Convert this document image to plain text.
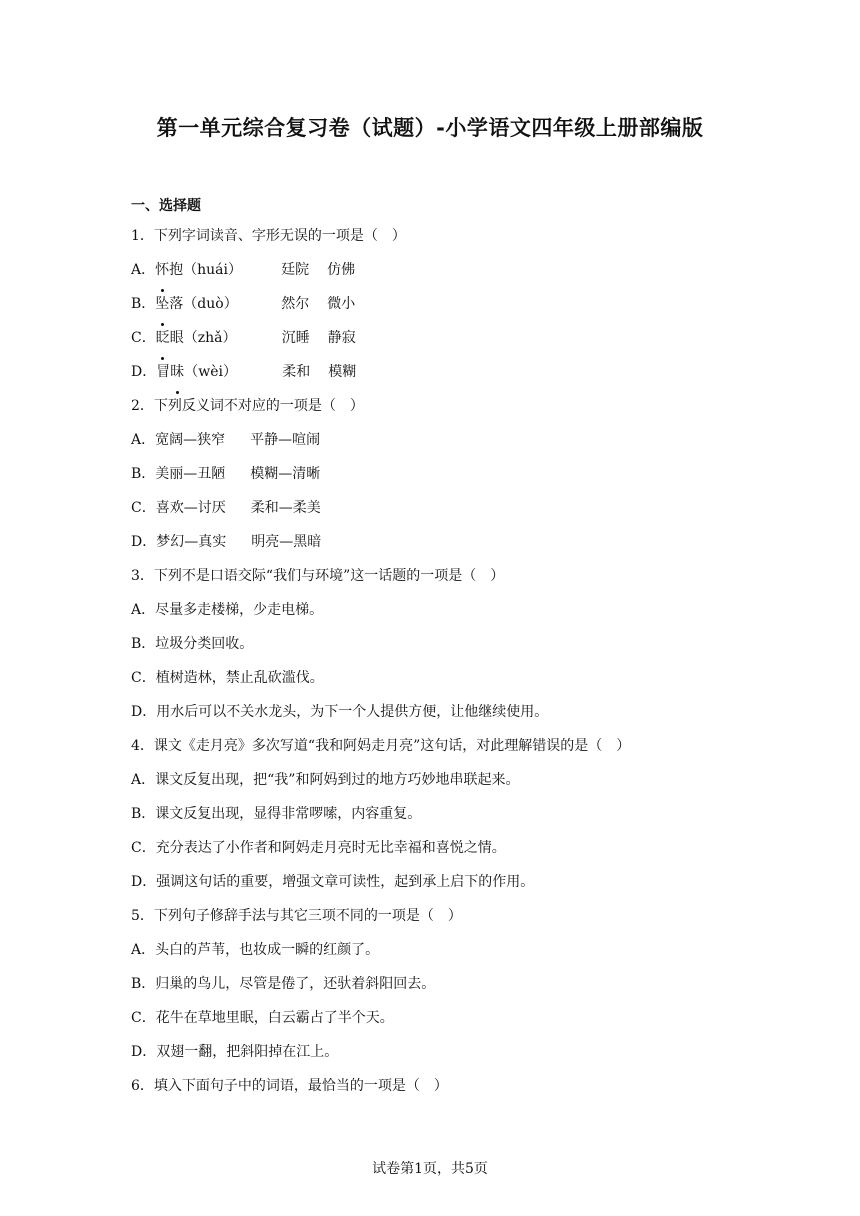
第一单元综合复习卷（试题）-小学语文四年级上册部编版
一、选择题
1．下列字词读音、字形无误的一项是（　）
A．怀抱（huái）	廷院 仿佛
B．坠落（duò）	然尔 微小
C．眨眼（zhǎ）	沉睡 静寂
D．冒昧（wèi）	柔和 模糊
2．下列反义词不对应的一项是（　）
A．宽阔—狭窄 平静—喧闹
B．美丽—丑陋 模糊—清晰
C．喜欢—讨厌 柔和—柔美
D．梦幻—真实 明亮—黑暗
3．下列不是口语交际“我们与环境”这一话题的一项是（　）
A．尽量多走楼梯，少走电梯。
B．垃圾分类回收。
C．植树造林，禁止乱砍滥伐。
D．用水后可以不关水龙头，为下一个人提供方便，让他继续使用。
4．课文《走月亮》多次写道“我和阿妈走月亮”这句话，对此理解错误的是（　）
A．课文反复出现，把“我”和阿妈到过的地方巧妙地串联起来。
B．课文反复出现，显得非常啰嗦，内容重复。
C．充分表达了小作者和阿妈走月亮时无比幸福和喜悦之情。
D．强调这句话的重要，增强文章可读性，起到承上启下的作用。
5．下列句子修辞手法与其它三项不同的一项是（　）
A．头白的芦苇，也妆成一瞬的红颜了。
B．归巢的鸟儿，尽管是倦了，还驮着斜阳回去。
C．花牛在草地里眠，白云霸占了半个天。
D．双翅一翻，把斜阳掉在江上。
6．填入下面句子中的词语，最恰当的一项是（　）
试卷第1页，共5页
